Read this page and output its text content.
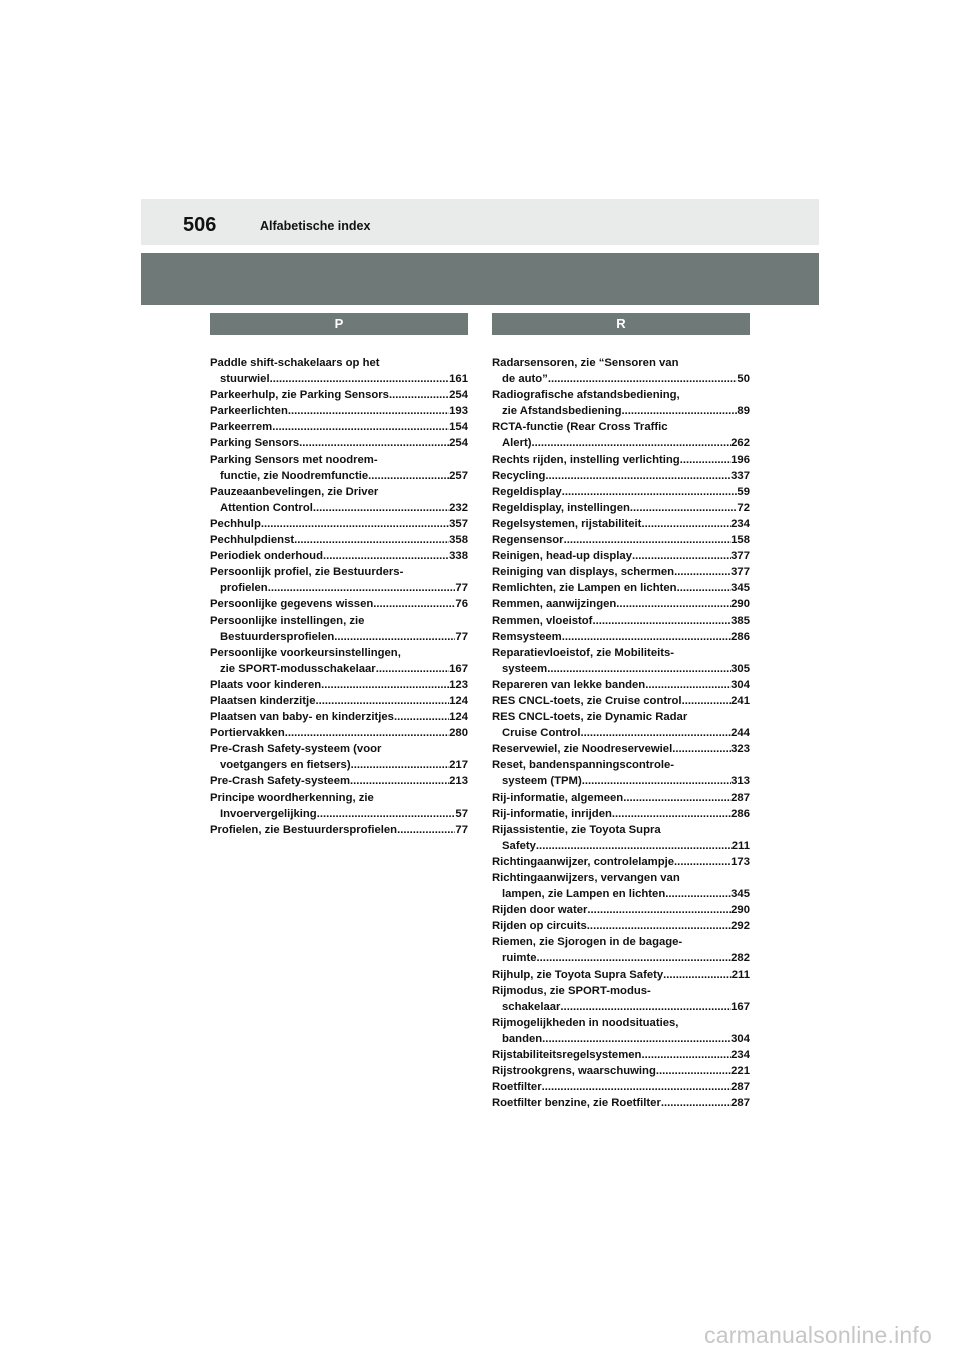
506	Alfabetische index
P
Paddle shift-schakelaars op het
stuurwiel .....	161
Parkeerhulp, zie Parking Sensors .....	254
Parkeerlichten .....	193
Parkeerrem .....	154
Parking Sensors .....	254
Parking Sensors met noodrem-
functie, zie Noodremfunctie .....	257
Pauzeaanbevelingen, zie Driver
Attention Control .....	232
Pechhulp .....	357
Pechhulpdienst .....	358
Periodiek onderhoud .....	338
Persoonlijk profiel, zie Bestuurders-
profielen .....	77
Persoonlijke gegevens wissen .....	76
Persoonlijke instellingen, zie
Bestuurdersprofielen .....	77
Persoonlijke voorkeursinstellingen,
zie SPORT-modusschakelaar .....	167
Plaats voor kinderen .....	123
Plaatsen kinderzitje .....	124
Plaatsen van baby- en kinderzitjes .....	124
Portiervakken .....	280
Pre-Crash Safety-systeem (voor
voetgangers en fietsers) .....	217
Pre-Crash Safety-systeem .....	213
Principe woordherkenning, zie
Invoervergelijking .....	57
Profielen, zie Bestuurdersprofielen .....	77
R
Radarsensoren, zie “Sensoren van
de auto” .....	50
Radiografische afstandsbediening,
zie Afstandsbediening .....	89
RCTA-functie (Rear Cross Traffic
Alert) .....	262
Rechts rijden, instelling verlichting .....	196
Recycling .....	337
Regeldisplay .....	59
Regeldisplay, instellingen .....	72
Regelsystemen, rijstabiliteit .....	234
Regensensor .....	158
Reinigen, head-up display .....	377
Reiniging van displays, schermen .....	377
Remlichten, zie Lampen en lichten .....	345
Remmen, aanwijzingen .....	290
Remmen, vloeistof .....	385
Remsysteem .....	286
Reparatievloeistof, zie Mobiliteits-
systeem .....	305
Repareren van lekke banden .....	304
RES CNCL-toets, zie Cruise control .....	241
RES CNCL-toets, zie Dynamic Radar
Cruise Control .....	244
Reservewiel, zie Noodreservewiel .....	323
Reset, bandenspanningscontrole-
systeem (TPM) .....	313
Rij-informatie, algemeen .....	287
Rij-informatie, inrijden .....	286
Rijassistentie, zie Toyota Supra
Safety .....	211
Richtingaanwijzer, controlelampje .....	173
Richtingaanwijzers, vervangen van
lampen, zie Lampen en lichten .....	345
Rijden door water .....	290
Rijden op circuits .....	292
Riemen, zie Sjorogen in de bagage-
ruimte .....	282
Rijhulp, zie Toyota Supra Safety .....	211
Rijmodus, zie SPORT-modus-
schakelaar .....	167
Rijmogelijkheden in noodsituaties,
banden .....	304
Rijstabiliteitsregelsystemen .....	234
Rijstrookgrens, waarschuwing .....	221
Roetfilter .....	287
Roetfilter benzine, zie Roetfilter .....	287
carmanualsonline.info
